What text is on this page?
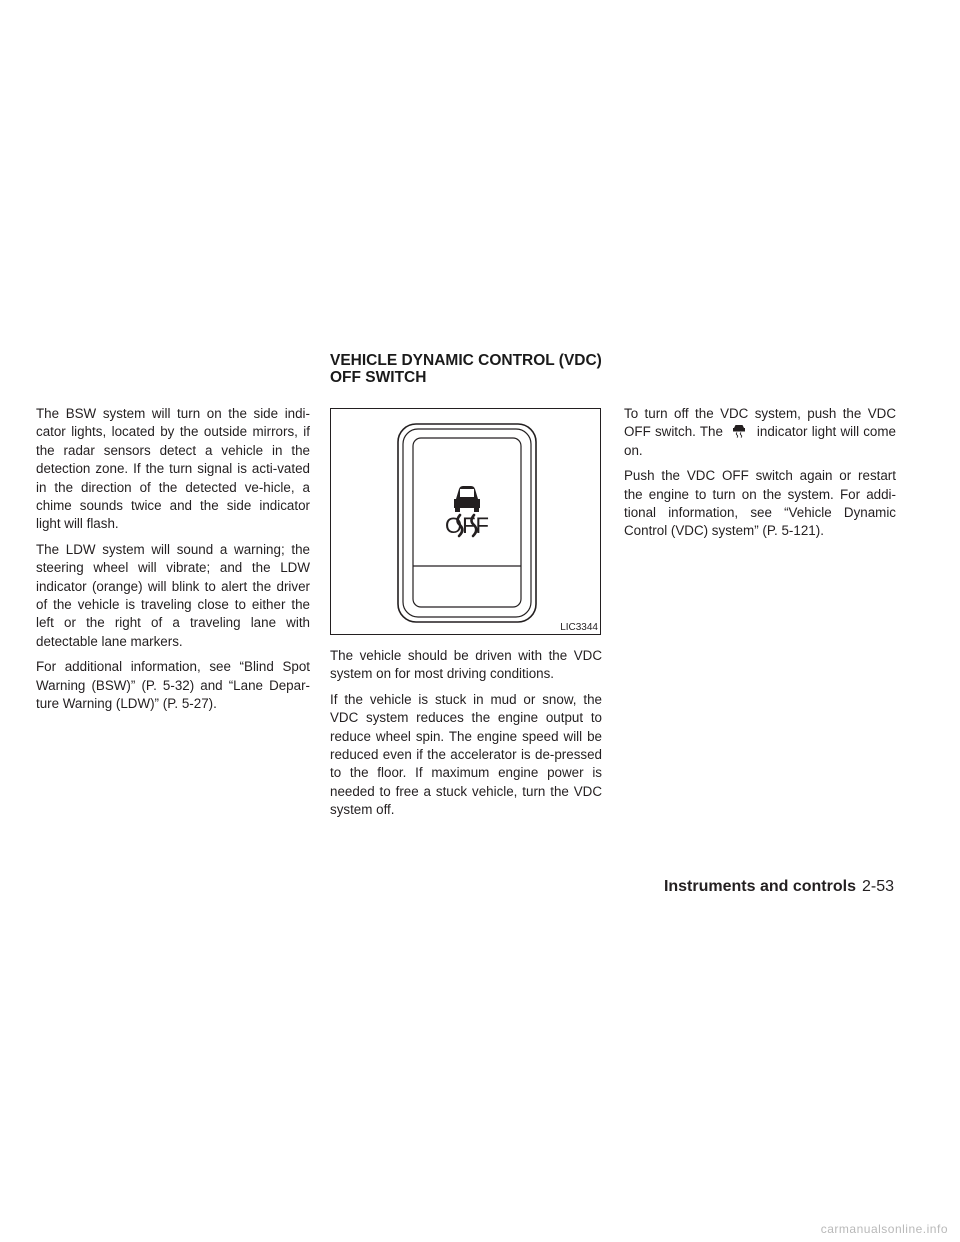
The BSW system will turn on the side indi-cator lights, located by the outside mirrors, if the radar sensors detect a vehicle in the detection zone. If the turn signal is acti-vated in the direction of the detected ve-hicle, a chime sounds twice and the side indicator light will flash.

The LDW system will sound a warning; the steering wheel will vibrate; and the LDW indicator (orange) will blink to alert the driver of the vehicle is traveling close to either the left or the right of a traveling lane with detectable lane markers.

For additional information, see “Blind Spot Warning (BSW)” (P. 5-32) and “Lane Depar-ture Warning (LDW)” (P. 5-27).

VEHICLE DYNAMIC CONTROL (VDC)
OFF SWITCH
OFF
LIC3344

The vehicle should be driven with the VDC system on for most driving conditions.

If the vehicle is stuck in mud or snow, the VDC system reduces the engine output to reduce wheel spin. The engine speed will be reduced even if the accelerator is de-pressed to the floor. If maximum engine power is needed to free a stuck vehicle, turn the VDC system off.

To turn off the VDC system, push the VDC OFF switch. The	indicator light will come on.

Push the VDC OFF switch again or restart the engine to turn on the system. For addi-tional information, see “Vehicle Dynamic Control (VDC) system” (P. 5-121).

Instruments and controls 2-53
carmanualsonline.info
